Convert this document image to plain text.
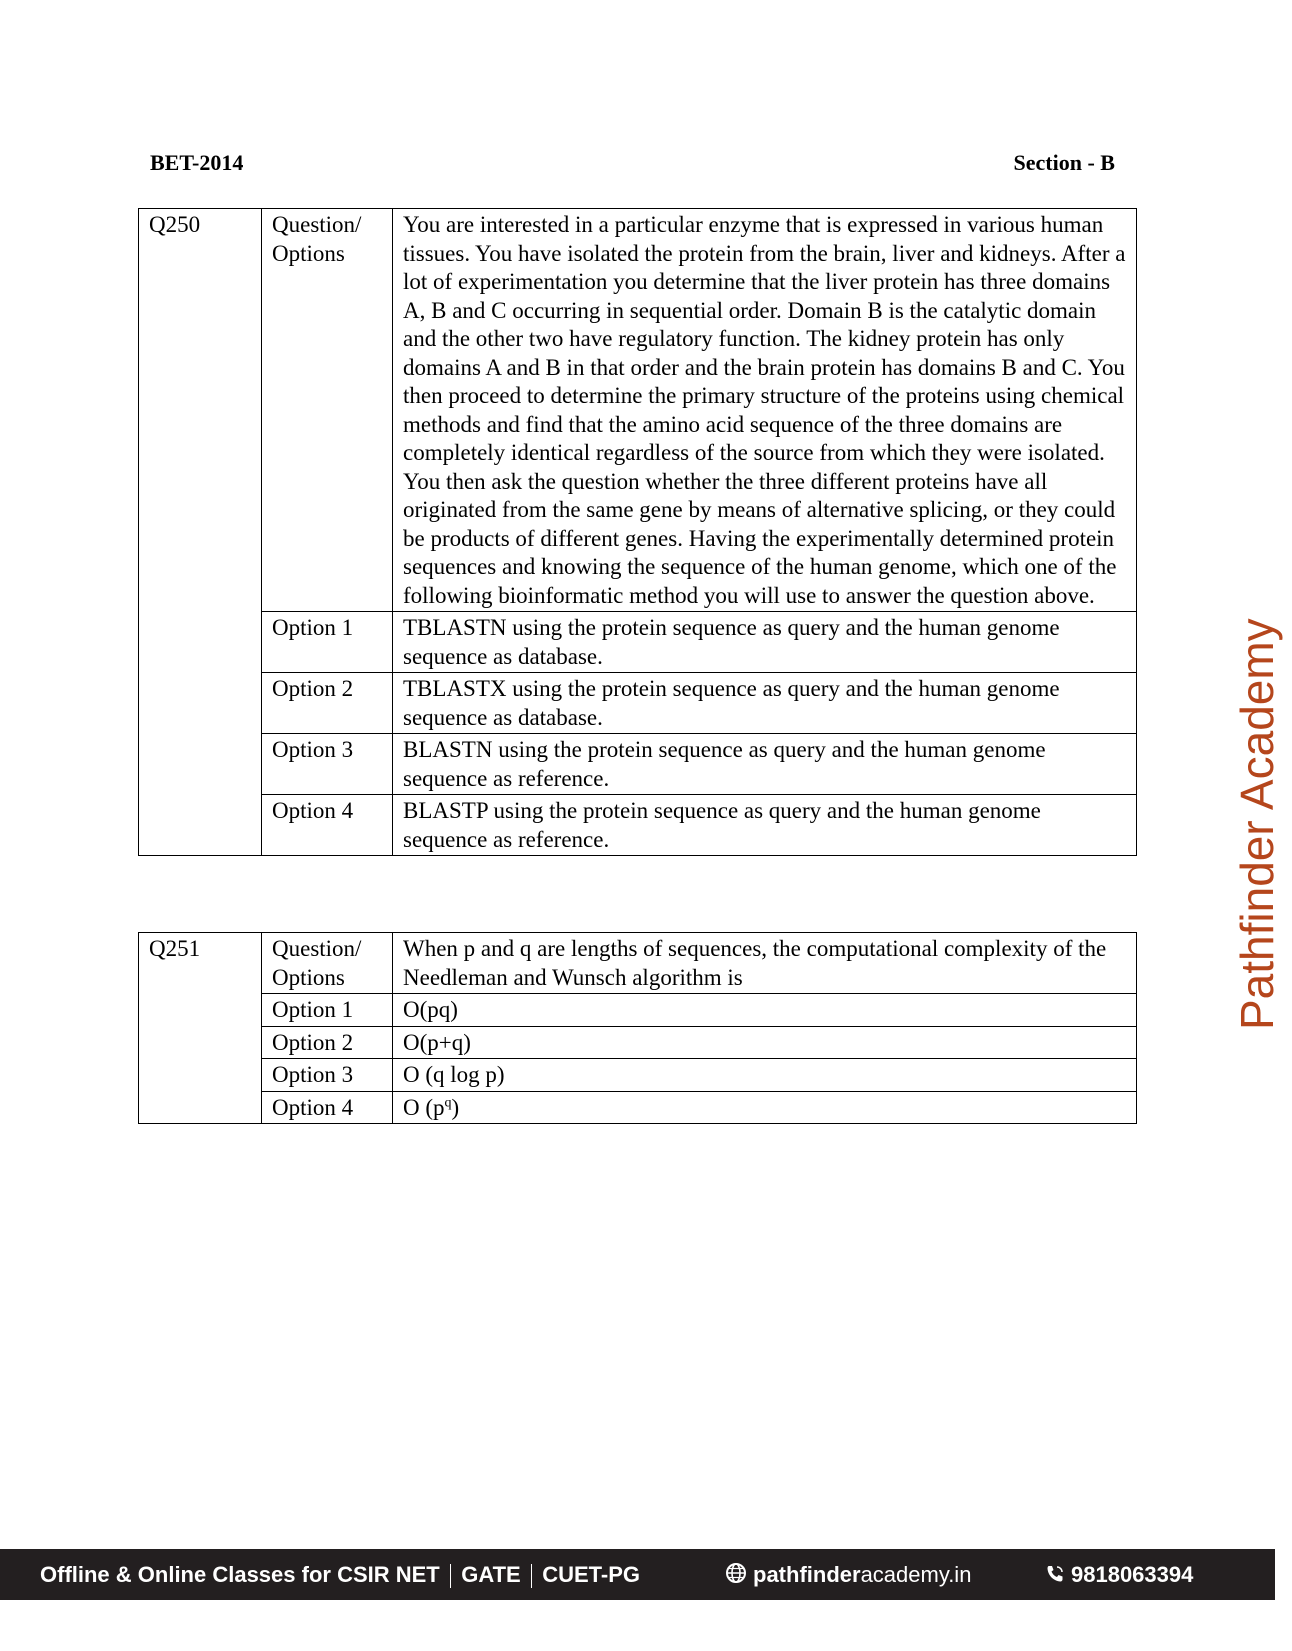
BET-2014	Section - B
Q250	Question/ Options	You are interested in a particular enzyme that is expressed in various human tissues. You have isolated the protein from the brain, liver and kidneys. After a lot of experimentation you determine that the liver protein has three domains A, B and C occurring in sequential order. Domain B is the catalytic domain and the other two have regulatory function. The kidney protein has only domains A and B in that order and the brain protein has domains B and C. You then proceed to determine the primary structure of the proteins using chemical methods and find that the amino acid sequence of the three domains are completely identical regardless of the source from which they were isolated. You then ask the question whether the three different proteins have all originated from the same gene by means of alternative splicing, or they could be products of different genes. Having the experimentally determined protein sequences and knowing the sequence of the human genome, which one of the following bioinformatic method you will use to answer the question above.
	Option 1	TBLASTN using the protein sequence as query and the human genome sequence as database.
	Option 2	TBLASTX using the protein sequence as query and the human genome sequence as database.
	Option 3	BLASTN using the protein sequence as query and the human genome sequence as reference.
	Option 4	BLASTP using the protein sequence as query and the human genome sequence as reference.
Q251	Question/ Options	When p and q are lengths of sequences, the computational complexity of the Needleman and Wunsch algorithm is
	Option 1	O(pq)
	Option 2	O(p+q)
	Option 3	O (q log p)
	Option 4	O $(p^q)$
Pathfinder Academy
Offline & Online Classes for CSIR NET GATE CUET-PG	pathfinderacademy.in	9818063394
